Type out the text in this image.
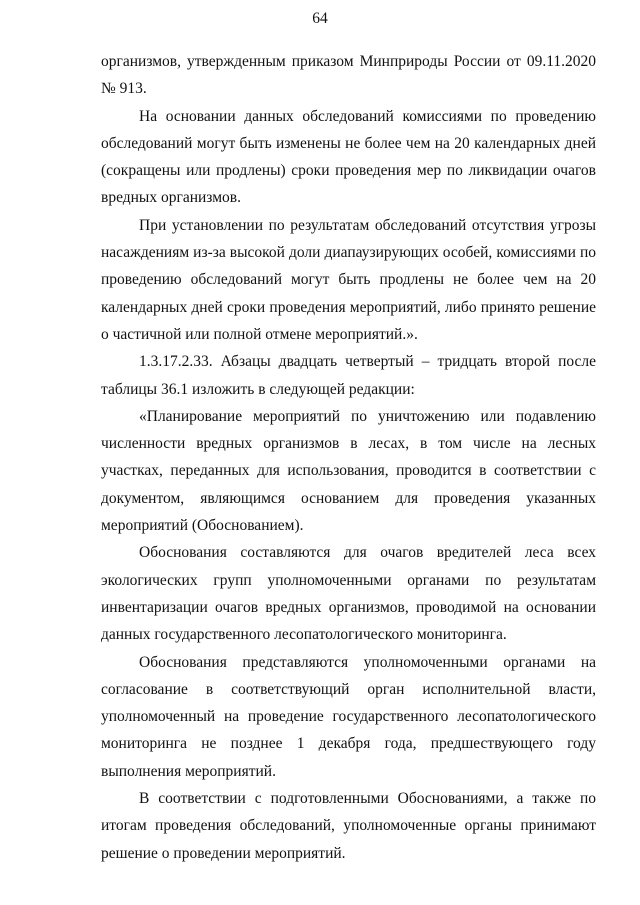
64

организмов, утвержденным приказом Минприроды России от 09.11.2020 № 913.

На основании данных обследований комиссиями по проведению обследований могут быть изменены не более чем на 20 календарных дней (сокращены или продлены) сроки проведения мер по ликвидации очагов вредных организмов.

При установлении по результатам обследований отсутствия угрозы насаждениям из-за высокой доли диапаузирующих особей, комиссиями по проведению обследований могут быть продлены не более чем на 20 календарных дней сроки проведения мероприятий, либо принято решение о частичной или полной отмене мероприятий.».

1.3.17.2.33. Абзацы двадцать четвертый – тридцать второй после таблицы 36.1 изложить в следующей редакции:

«Планирование мероприятий по уничтожению или подавлению численности вредных организмов в лесах, в том числе на лесных участках, переданных для использования, проводится в соответствии с документом, являющимся основанием для проведения указанных мероприятий (Обоснованием).

Обоснования составляются для очагов вредителей леса всех экологических групп уполномоченными органами по результатам инвентаризации очагов вредных организмов, проводимой на основании данных государственного лесопатологического мониторинга.

Обоснования представляются уполномоченными органами на согласование в соответствующий орган исполнительной власти, уполномоченный на проведение государственного лесопатологического мониторинга не позднее 1 декабря года, предшествующего году выполнения мероприятий.

В соответствии с подготовленными Обоснованиями, а также по итогам проведения обследований, уполномоченные органы принимают решение о проведении мероприятий.
